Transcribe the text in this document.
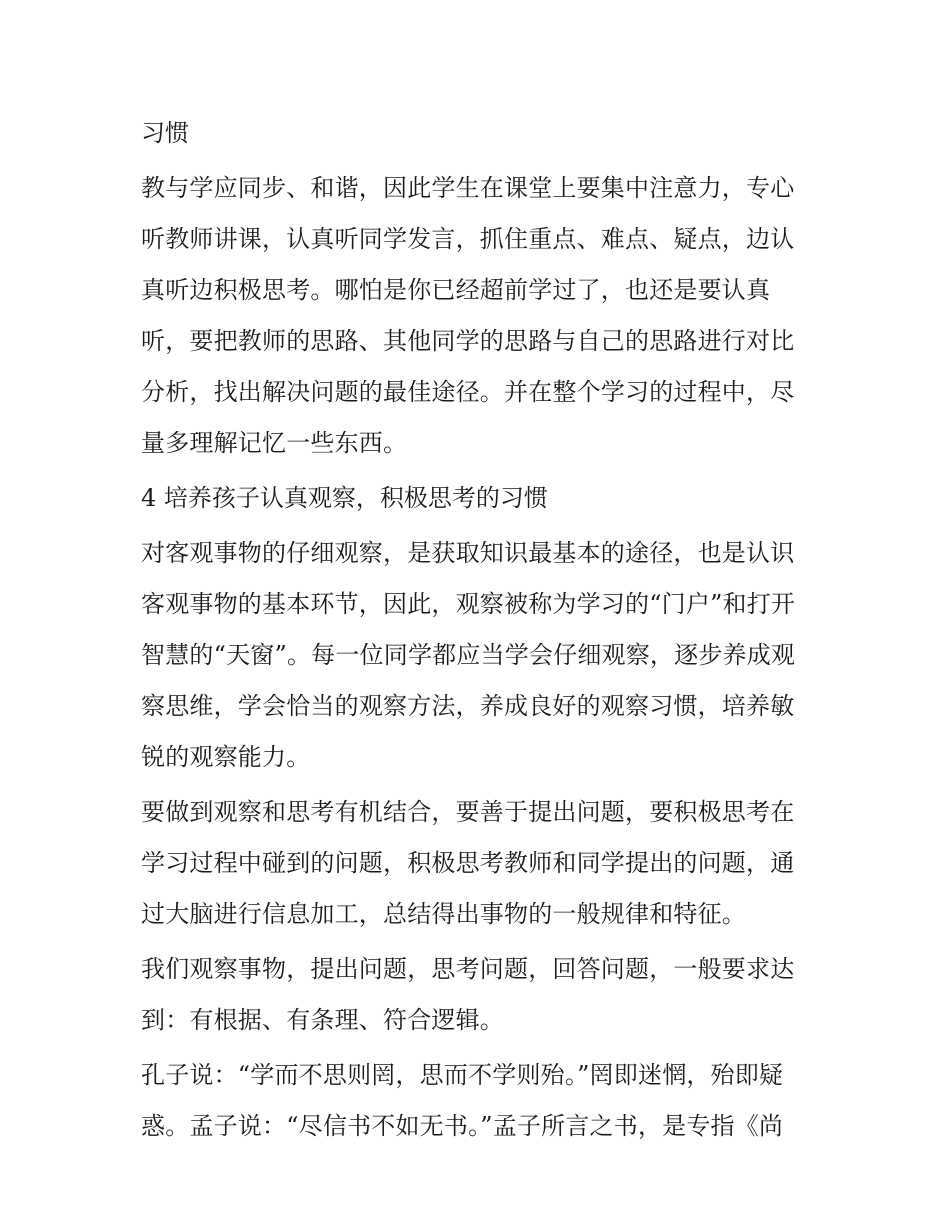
习惯
教与学应同步、和谐，因此学生在课堂上要集中注意力，专心
听教师讲课，认真听同学发言，抓住重点、难点、疑点，边认
真听边积极思考。哪怕是你已经超前学过了，也还是要认真
听，要把教师的思路、其他同学的思路与自己的思路进行对比
分析，找出解决问题的最佳途径。并在整个学习的过程中，尽
量多理解记忆一些东西。
4 培养孩子认真观察，积极思考的习惯
对客观事物的仔细观察，是获取知识最基本的途径，也是认识
客观事物的基本环节，因此，观察被称为学习的“门户”和打开
智慧的“天窗”。每一位同学都应当学会仔细观察，逐步养成观
察思维，学会恰当的观察方法，养成良好的观察习惯，培养敏
锐的观察能力。
要做到观察和思考有机结合，要善于提出问题，要积极思考在
学习过程中碰到的问题，积极思考教师和同学提出的问题，通
过大脑进行信息加工，总结得出事物的一般规律和特征。
我们观察事物，提出问题，思考问题，回答问题，一般要求达
到：有根据、有条理、符合逻辑。
孔子说：“学而不思则罔，思而不学则殆。”罔即迷惘，殆即疑
惑。孟子说：“尽信书不如无书。”孟子所言之书，是专指《尚
